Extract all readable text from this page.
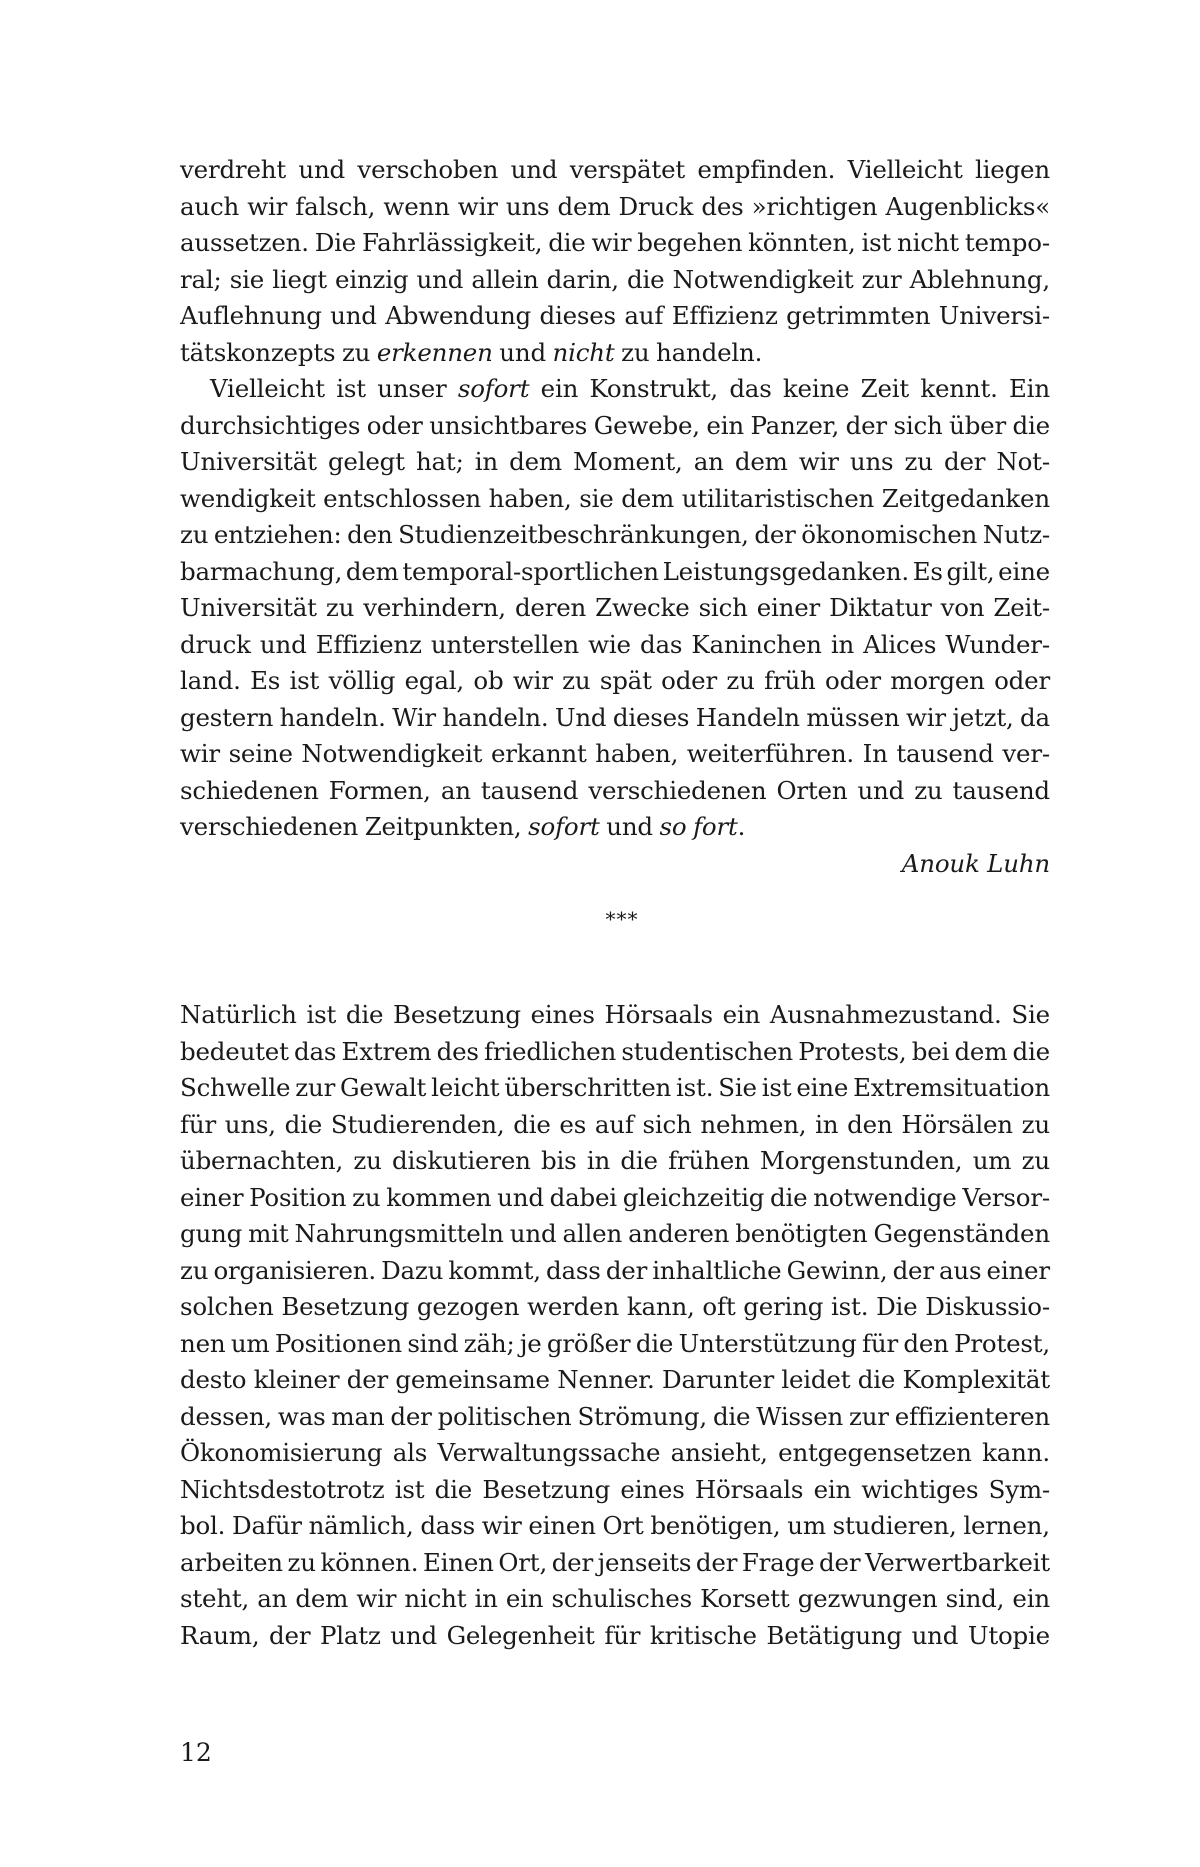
verdreht und verschoben und verspätet empfinden. Vielleicht liegen
auch wir falsch, wenn wir uns dem Druck des »richtigen Augenblicks«
aussetzen. Die Fahrlässigkeit, die wir begehen könnten, ist nicht tempo-
ral; sie liegt einzig und allein darin, die Notwendigkeit zur Ablehnung,
Auflehnung und Abwendung dieses auf Effizienz getrimmten Universi-
tätskonzepts zu erkennen und nicht zu handeln.
Vielleicht ist unser sofort ein Konstrukt, das keine Zeit kennt. Ein
durchsichtiges oder unsichtbares Gewebe, ein Panzer, der sich über die
Universität gelegt hat; in dem Moment, an dem wir uns zu der Not-
wendigkeit entschlossen haben, sie dem utilitaristischen Zeitgedanken
zu entziehen: den Studienzeitbeschränkungen, der ökonomischen Nutz-
barmachung, dem temporal-sportlichen Leistungsgedanken. Es gilt, eine
Universität zu verhindern, deren Zwecke sich einer Diktatur von Zeit-
druck und Effizienz unterstellen wie das Kaninchen in Alices Wunder-
land. Es ist völlig egal, ob wir zu spät oder zu früh oder morgen oder
gestern handeln. Wir handeln. Und dieses Handeln müssen wir jetzt, da
wir seine Notwendigkeit erkannt haben, weiterführen. In tausend ver-
schiedenen Formen, an tausend verschiedenen Orten und zu tausend
verschiedenen Zeitpunkten, sofort und so fort.
Anouk Luhn
***
Natürlich ist die Besetzung eines Hörsaals ein Ausnahmezustand. Sie
bedeutet das Extrem des friedlichen studentischen Protests, bei dem die
Schwelle zur Gewalt leicht überschritten ist. Sie ist eine Extremsituation
für uns, die Studierenden, die es auf sich nehmen, in den Hörsälen zu
übernachten, zu diskutieren bis in die frühen Morgenstunden, um zu
einer Position zu kommen und dabei gleichzeitig die notwendige Versor-
gung mit Nahrungsmitteln und allen anderen benötigten Gegenständen
zu organisieren. Dazu kommt, dass der inhaltliche Gewinn, der aus einer
solchen Besetzung gezogen werden kann, oft gering ist. Die Diskussio-
nen um Positionen sind zäh; je größer die Unterstützung für den Protest,
desto kleiner der gemeinsame Nenner. Darunter leidet die Komplexität
dessen, was man der politischen Strömung, die Wissen zur effizienteren
Ökonomisierung als Verwaltungssache ansieht, entgegensetzen kann.
Nichtsdestotrotz ist die Besetzung eines Hörsaals ein wichtiges Sym-
bol. Dafür nämlich, dass wir einen Ort benötigen, um studieren, lernen,
arbeiten zu können. Einen Ort, der jenseits der Frage der Verwertbarkeit
steht, an dem wir nicht in ein schulisches Korsett gezwungen sind, ein
Raum, der Platz und Gelegenheit für kritische Betätigung und Utopie
12
